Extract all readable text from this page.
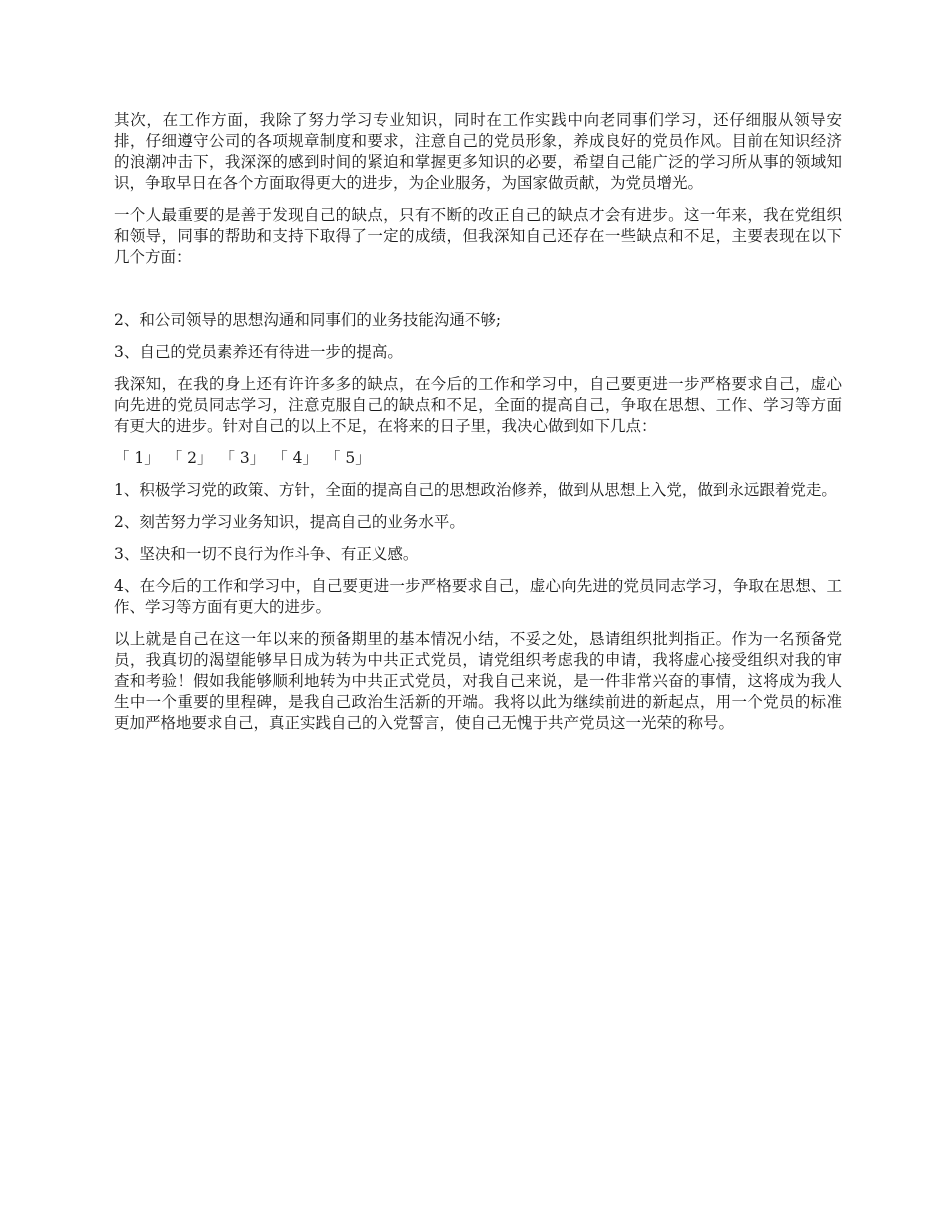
其次，在工作方面，我除了努力学习专业知识，同时在工作实践中向老同事们学习，还仔细服从领导安排，仔细遵守公司的各项规章制度和要求，注意自己的党员形象，养成良好的党员作风。目前在知识经济的浪潮冲击下，我深深的感到时间的紧迫和掌握更多知识的必要，希望自己能广泛的学习所从事的领域知识，争取早日在各个方面取得更大的进步，为企业服务，为国家做贡献，为党员增光。

一个人最重要的是善于发现自己的缺点，只有不断的改正自己的缺点才会有进步。这一年来，我在党组织和领导，同事的帮助和支持下取得了一定的成绩，但我深知自己还存在一些缺点和不足，主要表现在以下几个方面：

2、和公司领导的思想沟通和同事们的业务技能沟通不够;

3、自己的党员素养还有待进一步的提高。

我深知，在我的身上还有许许多多的缺点，在今后的工作和学习中，自己要更进一步严格要求自己，虚心向先进的党员同志学习，注意克服自己的缺点和不足，全面的提高自己，争取在思想、工作、学习等方面有更大的进步。针对自己的以上不足，在将来的日子里，我决心做到如下几点：

「 1」 「 2」 「 3」 「 4」 「 5」

1、积极学习党的政策、方针，全面的提高自己的思想政治修养，做到从思想上入党，做到永远跟着党走。

2、刻苦努力学习业务知识，提高自己的业务水平。

3、坚决和一切不良行为作斗争、有正义感。

4、在今后的工作和学习中，自己要更进一步严格要求自己，虚心向先进的党员同志学习，争取在思想、工作、学习等方面有更大的进步。

以上就是自己在这一年以来的预备期里的基本情况小结，不妥之处，恳请组织批判指正。作为一名预备党员，我真切的渴望能够早日成为转为中共正式党员，请党组织考虑我的申请，我将虚心接受组织对我的审查和考验！假如我能够顺利地转为中共正式党员，对我自己来说，是一件非常兴奋的事情，这将成为我人生中一个重要的里程碑，是我自己政治生活新的开端。我将以此为继续前进的新起点，用一个党员的标准更加严格地要求自己，真正实践自己的入党誓言，使自己无愧于共产党员这一光荣的称号。
